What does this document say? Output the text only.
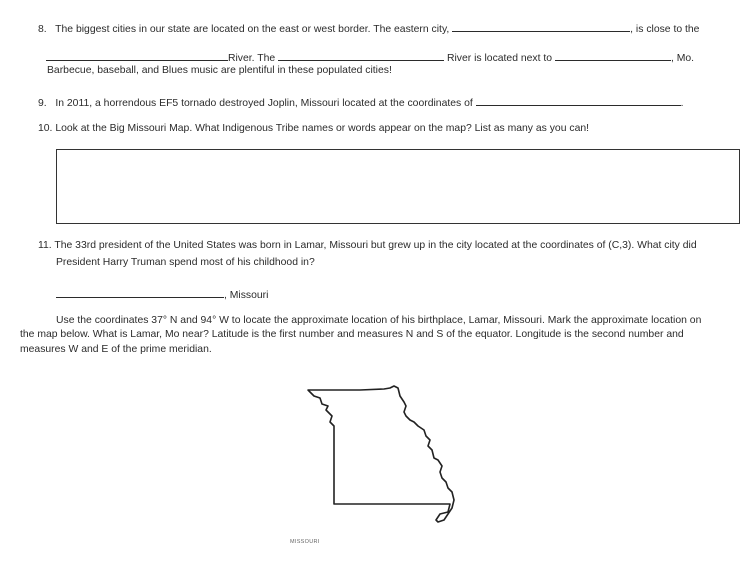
8. The biggest cities in our state are located on the east or west border. The eastern city,	, is close to the
River. The	River is located next to	, Mo.
Barbecue, baseball, and Blues music are plentiful in these populated cities!
9. In 2011, a horrendous EF5 tornado destroyed Joplin, Missouri located at the coordinates of	.
10. Look at the Big Missouri Map. What Indigenous Tribe names or words appear on the map? List as many as you can!
11. The 33rd president of the United States was born in Lamar, Missouri but grew up in the city located at the coordinates of (C,3). What city did
President Harry Truman spend most of his childhood in?
, Missouri
Use the coordinates 37° N and 94° W to locate the approximate location of his birthplace, Lamar, Missouri. Mark the approximate location on
the map below. What is Lamar, Mo near? Latitude is the first number and measures N and S of the equator. Longitude is the second number and
measures W and E of the prime meridian.
MISSOURI
